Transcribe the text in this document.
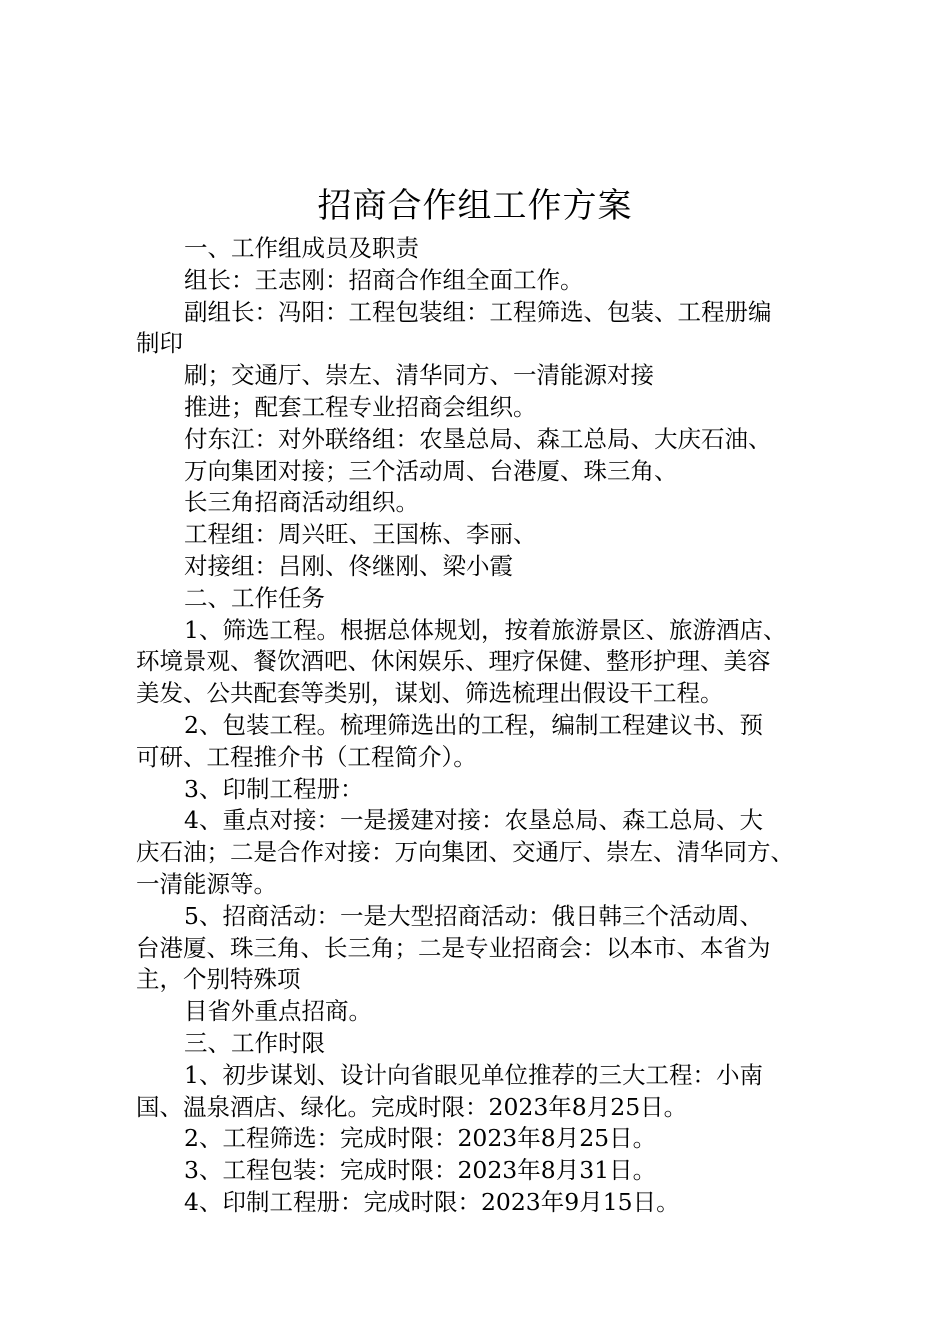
招商合作组工作方案

一、工作组成员及职责

组长：王志刚：招商合作组全面工作。

副组长：冯阳：工程包装组：工程筛选、包装、工程册编

制印

刷；交通厅、崇左、清华同方、一清能源对接

推进；配套工程专业招商会组织。

付东江：对外联络组：农垦总局、森工总局、大庆石油、

万向集团对接；三个活动周、台港厦、珠三角、

长三角招商活动组织。

工程组：周兴旺、王国栋、李丽、

对接组：吕刚、佟继刚、梁小霞

二、工作任务

1、筛选工程。根据总体规划，按着旅游景区、旅游酒店、

环境景观、餐饮酒吧、休闲娱乐、理疗保健、整形护理、美容

美发、公共配套等类别，谋划、筛选梳理出假设干工程。

2、包装工程。梳理筛选出的工程，编制工程建议书、预

可研、工程推介书（工程简介）。

3、印制工程册：

4、重点对接：一是援建对接：农垦总局、森工总局、大

庆石油；二是合作对接：万向集团、交通厅、崇左、清华同方、

一清能源等。

5、招商活动：一是大型招商活动：俄日韩三个活动周、

台港厦、珠三角、长三角；二是专业招商会：以本市、本省为

主，个别特殊项

目省外重点招商。

三、工作时限

1、初步谋划、设计向省眼见单位推荐的三大工程：小南

国、温泉酒店、绿化。完成时限：2023年8月25日。

2、工程筛选：完成时限：2023年8月25日。

3、工程包装：完成时限：2023年8月31日。

4、印制工程册：完成时限：2023年9月15日。
